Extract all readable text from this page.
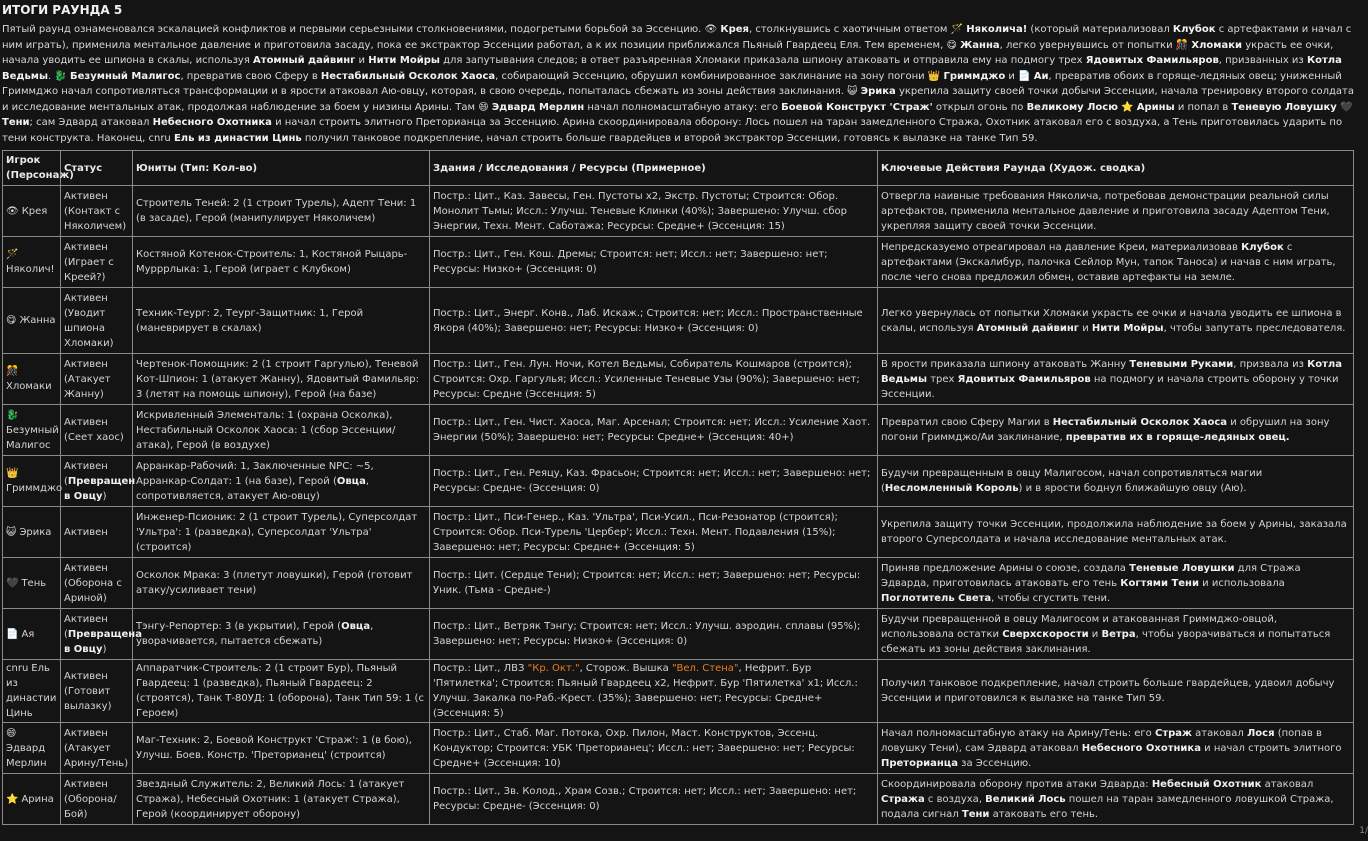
ИТОГИ РАУНДА 5
Пятый раунд ознаменовался эскалацией конфликтов и первыми серьезными столкновениями, подогретыми борьбой за Эссенцию. 👁 Крея, столкнувшись с хаотичным ответом 🪄 Няколича! (который материализовал Клубок с артефактами и начал с ним играть), применила ментальное давление и приготовила засаду, пока ее экстрактор Эссенции работал, а к их позиции приближался Пьяный Гвардеец Еля. Тем временем, 😋 Жанна, легко увернувшись от попытки 🎊 Хломаки украсть ее очки, начала уводить ее шпиона в скалы, используя Атомный дайвинг и Нити Мойры для запутывания следов; в ответ разъяренная Хломаки приказала шпиону атаковать и отправила ему на подмогу трех Ядовитых Фамильяров, призванных из Котла Ведьмы. 🐉 Безумный Малигос, превратив свою Сферу в Нестабильный Осколок Хаоса, собирающий Эссенцию, обрушил комбинированное заклинание на зону погони 👑 Гриммджо и 📄 Аи, превратив обоих в горяще-ледяных овец; униженный Гриммджо начал сопротивляться трансформации и в ярости атаковал Аю-овцу, которая, в свою очередь, попыталась сбежать из зоны действия заклинания. 😺 Эрика укрепила защиту своей точки добычи Эссенции, начала тренировку второго солдата и исследование ментальных атак, продолжая наблюдение за боем у низины Арины. Там 😄 Эдвард Мерлин начал полномасштабную атаку: его Боевой Конструкт 'Страж' открыл огонь по Великому Лосю ⭐ Арины и попал в Теневую Ловушку 🖤 Тени; сам Эдвард атаковал Небесного Охотника и начал строить элитного Преторианца за Эссенцию. Арина скоординировала оборону: Лось пошел на таран замедленного Стража, Охотник атаковал его с воздуха, а Тень приготовилась ударить по тени конструкта. Наконец, cnru Ель из династии Цинь получил танковое подкрепление, начал строить больше гвардейцев и второй экстрактор Эссенции, готовясь к вылазке на танке Тип 59.
Игрок (Персонаж)	Статус	Юниты (Тип: Кол-во)	Здания / Исследования / Ресурсы (Примерное)	Ключевые Действия Раунда (Худож. сводка)
👁 Крея	Активен (Контакт с Няколичем)	Строитель Теней: 2 (1 строит Турель), Адепт Тени: 1 (в засаде), Герой (манипулирует Няколичем)	Постр.: Цит., Каз. Завесы, Ген. Пустоты x2, Экстр. Пустоты; Строится: Обор. Монолит Тьмы; Иссл.: Улучш. Теневые Клинки (40%); Завершено: Улучш. сбор Энергии, Техн. Мент. Саботажа; Ресурсы: Средне+ (Эссенция: 15)	Отвергла наивные требования Няколича, потребовав демонстрации реальной силы артефактов, применила ментальное давление и приготовила засаду Адептом Тени, укрепляя защиту своей точки Эссенции.
🪄
Няколич!	Активен (Играет с Креей?)	Костяной Котенок-Строитель: 1, Костяной Рыцарь-Мурррлыка: 1, Герой (играет с Клубком)	Постр.: Цит., Ген. Кош. Дремы; Строится: нет; Иссл.: нет; Завершено: нет; Ресурсы: Низко+ (Эссенция: 0)	Непредсказуемо отреагировал на давление Креи, материализовав Клубок с артефактами (Экскалибур, палочка Сейлор Мун, тапок Таноса) и начав с ним играть, после чего снова предложил обмен, оставив артефакты на земле.
😋 Жанна	Активен (Уводит шпиона Хломаки)	Техник-Теург: 2, Теург-Защитник: 1, Герой (маневрирует в скалах)	Постр.: Цит., Энерг. Конв., Лаб. Искаж.; Строится: нет; Иссл.: Пространственные Якоря (40%); Завершено: нет; Ресурсы: Низко+ (Эссенция: 0)	Легко увернулась от попытки Хломаки украсть ее очки и начала уводить ее шпиона в скалы, используя Атомный дайвинг и Нити Мойры, чтобы запутать преследователя.
🎊
Хломаки	Активен (Атакует Жанну)	Чертенок-Помощник: 2 (1 строит Гаргулью), Теневой Кот-Шпион: 1 (атакует Жанну), Ядовитый Фамильяр: 3 (летят на помощь шпиону), Герой (на базе)	Постр.: Цит., Ген. Лун. Ночи, Котел Ведьмы, Собиратель Кошмаров (строится); Строится: Охр. Гаргулья; Иссл.: Усиленные Теневые Узы (90%); Завершено: нет; Ресурсы: Средне (Эссенция: 5)	В ярости приказала шпиону атаковать Жанну Теневыми Руками, призвала из Котла Ведьмы трех Ядовитых Фамильяров на подмогу и начала строить оборону у точки Эссенции.
🐉
Безумный Малигос	Активен (Сеет хаос)	Искривленный Элементаль: 1 (охрана Осколка), Нестабильный Осколок Хаоса: 1 (сбор Эссенции/атака), Герой (в воздухе)	Постр.: Цит., Ген. Чист. Хаоса, Маг. Арсенал; Строится: нет; Иссл.: Усиление Хаот. Энергии (50%); Завершено: нет; Ресурсы: Средне+ (Эссенция: 40+)	Превратил свою Сферу Магии в Нестабильный Осколок Хаоса и обрушил на зону погони Гриммджо/Аи заклинание, превратив их в горяще-ледяных овец.
👑
Гриммджо	Активен (Превращен в Овцу)	Арранкар-Рабочий: 1, Заключенные NPC: ~5, Арранкар-Солдат: 1 (на базе), Герой (Овца, сопротивляется, атакует Аю-овцу)	Постр.: Цит., Ген. Реяцу, Каз. Фрасьон; Строится: нет; Иссл.: нет; Завершено: нет; Ресурсы: Средне- (Эссенция: 0)	Будучи превращенным в овцу Малигосом, начал сопротивляться магии (Несломленный Король) и в ярости боднул ближайшую овцу (Аю).
😺 Эрика	Активен	Инженер-Псионик: 2 (1 строит Турель), Суперсолдат 'Ультра': 1 (разведка), Суперсолдат 'Ультра' (строится)	Постр.: Цит., Пси-Генер., Каз. 'Ультра', Пси-Усил., Пси-Резонатор (строится); Строится: Обор. Пси-Турель 'Цербер'; Иссл.: Техн. Мент. Подавления (15%); Завершено: нет; Ресурсы: Средне+ (Эссенция: 5)	Укрепила защиту точки Эссенции, продолжила наблюдение за боем у Арины, заказала второго Суперсолдата и начала исследование ментальных атак.
🖤 Тень	Активен (Оборона с Ариной)	Осколок Мрака: 3 (плетут ловушки), Герой (готовит атаку/усиливает тени)	Постр.: Цит. (Сердце Тени); Строится: нет; Иссл.: нет; Завершено: нет; Ресурсы: Уник. (Тьма - Средне-)	Приняв предложение Арины о союзе, создала Теневые Ловушки для Стража Эдварда, приготовилась атаковать его тень Когтями Тени и использовала Поглотитель Света, чтобы сгустить тени.
📄 Ая	Активен (Превращена в Овцу)	Тэнгу-Репортер: 3 (в укрытии), Герой (Овца, уворачивается, пытается сбежать)	Постр.: Цит., Ветряк Тэнгу; Строится: нет; Иссл.: Улучш. аэродин. сплавы (95%); Завершено: нет; Ресурсы: Низко+ (Эссенция: 0)	Будучи превращенной в овцу Малигосом и атакованная Гриммджо-овцой, использовала остатки Сверхскорости и Ветра, чтобы уворачиваться и попытаться сбежать из зоны действия заклинания.
cnru Ель из династии Цинь	Активен (Готовит вылазку)	Аппаратчик-Строитель: 2 (1 строит Бур), Пьяный Гвардеец: 1 (разведка), Пьяный Гвардеец: 2 (строятся), Танк Т-80УД: 1 (оборона), Танк Тип 59: 1 (с Героем)	Постр.: Цит., ЛВЗ "Кр. Окт.", Сторож. Вышка "Вел. Стена", Нефрит. Бур 'Пятилетка'; Строится: Пьяный Гвардеец x2, Нефрит. Бур 'Пятилетка' x1; Иссл.: Улучш. Закалка по-Раб.-Крест. (35%); Завершено: нет; Ресурсы: Средне+ (Эссенция: 5)	Получил танковое подкрепление, начал строить больше гвардейцев, удвоил добычу Эссенции и приготовился к вылазке на танке Тип 59.
😄Эдвард Мерлин	Активен (Атакует Арину/Тень)	Маг-Техник: 2, Боевой Конструкт 'Страж': 1 (в бою), Улучш. Боев. Констр. 'Преторианец' (строится)	Постр.: Цит., Стаб. Маг. Потока, Охр. Пилон, Маст. Конструктов, Эссенц. Кондуктор; Строится: УБК 'Преторианец'; Иссл.: нет; Завершено: нет; Ресурсы: Средне+ (Эссенция: 10)	Начал полномасштабную атаку на Арину/Тень: его Страж атаковал Лося (попав в ловушку Тени), сам Эдвард атаковал Небесного Охотника и начал строить элитного Преторианца за Эссенцию.
⭐ Арина	Активен (Оборона/Бой)	Звездный Служитель: 2, Великий Лось: 1 (атакует Стража), Небесный Охотник: 1 (атакует Стража), Герой (координирует оборону)	Постр.: Цит., Зв. Колод., Храм Созв.; Строится: нет; Иссл.: нет; Завершено: нет; Ресурсы: Средне- (Эссенция: 0)	Скоординировала оборону против атаки Эдварда: Небесный Охотник атаковал Стража с воздуха, Великий Лось пошел на таран замедленного ловушкой Стража, подала сигнал Тени атаковать его тень.
1/
